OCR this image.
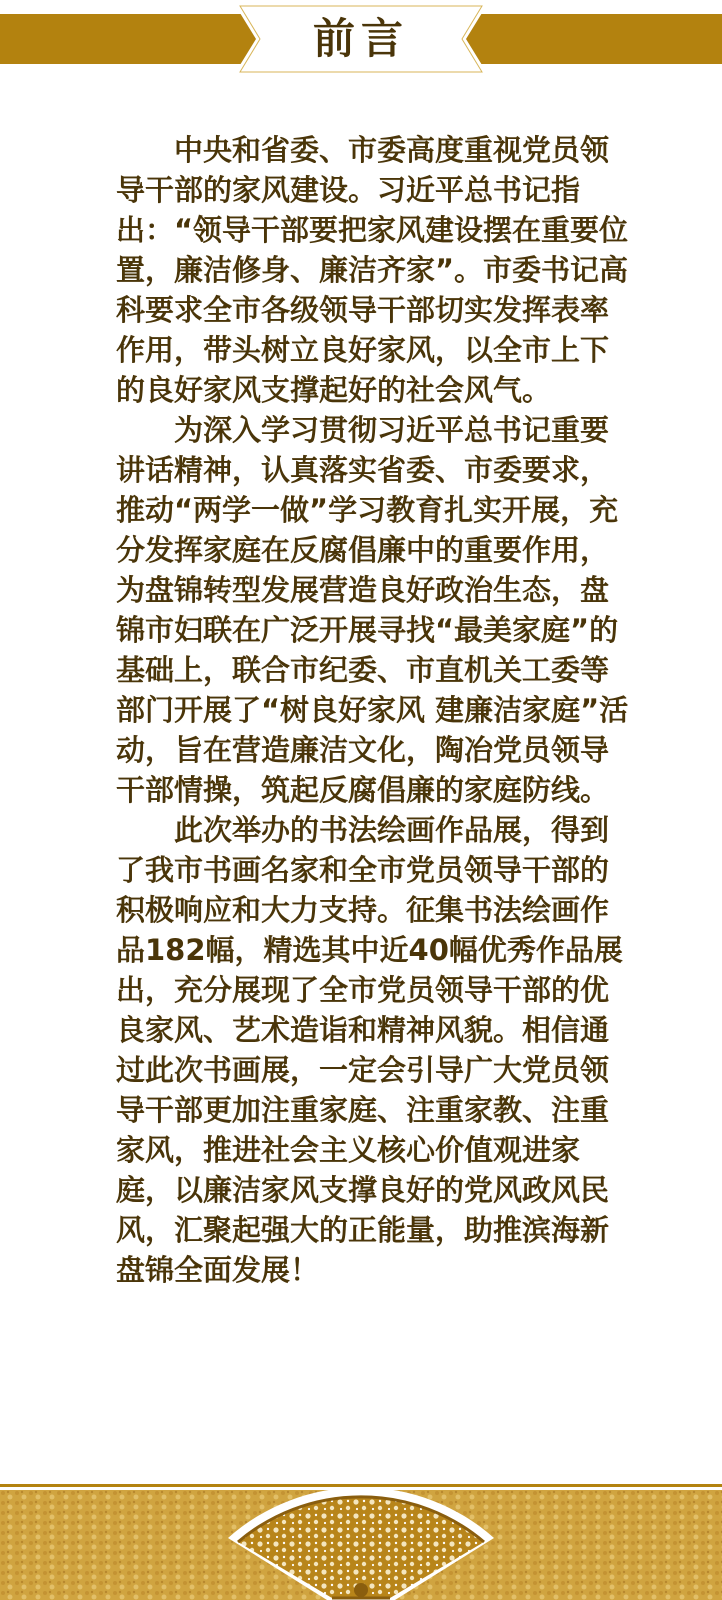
前言

中央和省委、市委高度重视党员领导干部的家风建设。习近平总书记指出：“领导干部要把家风建设摆在重要位置，廉洁修身、廉洁齐家”。市委书记高科要求全市各级领导干部切实发挥表率作用，带头树立良好家风，以全市上下的良好家风支撑起好的社会风气。

为深入学习贯彻习近平总书记重要讲话精神，认真落实省委、市委要求，推动“两学一做”学习教育扎实开展，充分发挥家庭在反腐倡廉中的重要作用，为盘锦转型发展营造良好政治生态，盘锦市妇联在广泛开展寻找“最美家庭”的基础上，联合市纪委、市直机关工委等部门开展了“树良好家风 建廉洁家庭”活动，旨在营造廉洁文化，陶冶党员领导干部情操，筑起反腐倡廉的家庭防线。

此次举办的书法绘画作品展，得到了我市书画名家和全市党员领导干部的积极响应和大力支持。征集书法绘画作品182幅，精选其中近40幅优秀作品展出，充分展现了全市党员领导干部的优良家风、艺术造诣和精神风貌。相信通过此次书画展，一定会引导广大党员领导干部更加注重家庭、注重家教、注重家风，推进社会主义核心价值观进家庭，以廉洁家风支撑良好的党风政风民风，汇聚起强大的正能量，助推滨海新盘锦全面发展！
